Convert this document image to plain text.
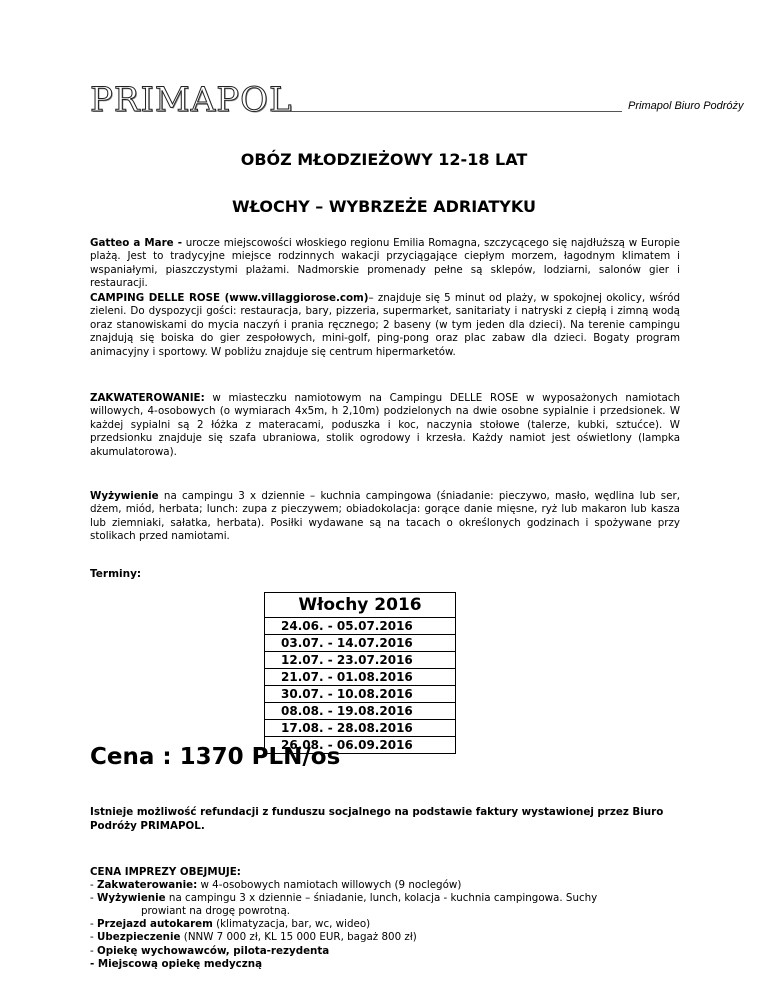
PRIMAPOL	Primapol Biuro Podróży
OBÓZ MŁODZIEŻOWY 12-18 LAT
WŁOCHY – WYBRZEŻE ADRIATYKU

Gatteo a Mare - urocze miejscowości włoskiego regionu Emilia Romagna, szczycącego się najdłuższą w Europie plażą. Jest to tradycyjne miejsce rodzinnych wakacji przyciągające ciepłym morzem, łagodnym klimatem i wspaniałymi, piaszczystymi plażami. Nadmorskie promenady pełne są sklepów, lodziarni, salonów gier i restauracji.

CAMPING DELLE ROSE (www.villaggiorose.com)– znajduje się 5 minut od plaży, w spokojnej okolicy, wśród zieleni. Do dyspozycji gości: restauracja, bary, pizzeria, supermarket, sanitariaty i natryski z ciepłą i zimną wodą oraz stanowiskami do mycia naczyń i prania ręcznego; 2 baseny (w tym jeden dla dzieci). Na terenie campingu znajdują się boiska do gier zespołowych, mini-golf, ping-pong oraz plac zabaw dla dzieci. Bogaty program animacyjny i sportowy. W pobliżu znajduje się centrum hipermarketów.

ZAKWATEROWANIE: w miasteczku namiotowym na Campingu DELLE ROSE w wyposażonych namiotach willowych, 4-osobowych (o wymiarach 4x5m, h 2,10m) podzielonych na dwie osobne sypialnie i przedsionek. W każdej sypialni są 2 łóżka z materacami, poduszka i koc, naczynia stołowe (talerze, kubki, sztućce). W przedsionku znajduje się szafa ubraniowa, stolik ogrodowy i krzesła. Każdy namiot jest oświetlony (lampka akumulatorowa).

Wyżywienie na campingu 3 x dziennie – kuchnia campingowa (śniadanie: pieczywo, masło, wędlina lub ser, dżem, miód, herbata; lunch: zupa z pieczywem; obiadokolacja: gorące danie mięsne, ryż lub makaron lub kasza lub ziemniaki, sałatka, herbata). Posiłki wydawane są na tacach o określonych godzinach i spożywane przy stolikach przed namiotami.

Terminy:
Włochy 2016
24.06. - 05.07.2016
03.07. - 14.07.2016
12.07. - 23.07.2016
21.07. - 01.08.2016
30.07. - 10.08.2016
08.08. - 19.08.2016
17.08. - 28.08.2016
26.08. - 06.09.2016
Cena : 1370 PLN/os

Istnieje możliwość refundacji z funduszu socjalnego na podstawie faktury wystawionej przez Biuro Podróży PRIMAPOL.

CENA IMPREZY OBEJMUJE:
- Zakwaterowanie: w 4-osobowych namiotach willowych (9 noclegów)
- Wyżywienie na campingu 3 x dziennie – śniadanie, lunch, kolacja - kuchnia campingowa. Suchy
prowiant na drogę powrotną.
- Przejazd autokarem (klimatyzacja, bar, wc, wideo)
- Ubezpieczenie (NNW 7 000 zł, KL 15 000 EUR, bagaż 800 zł)
- Opiekę wychowawców, pilota-rezydenta
- Miejscową opiekę medyczną
